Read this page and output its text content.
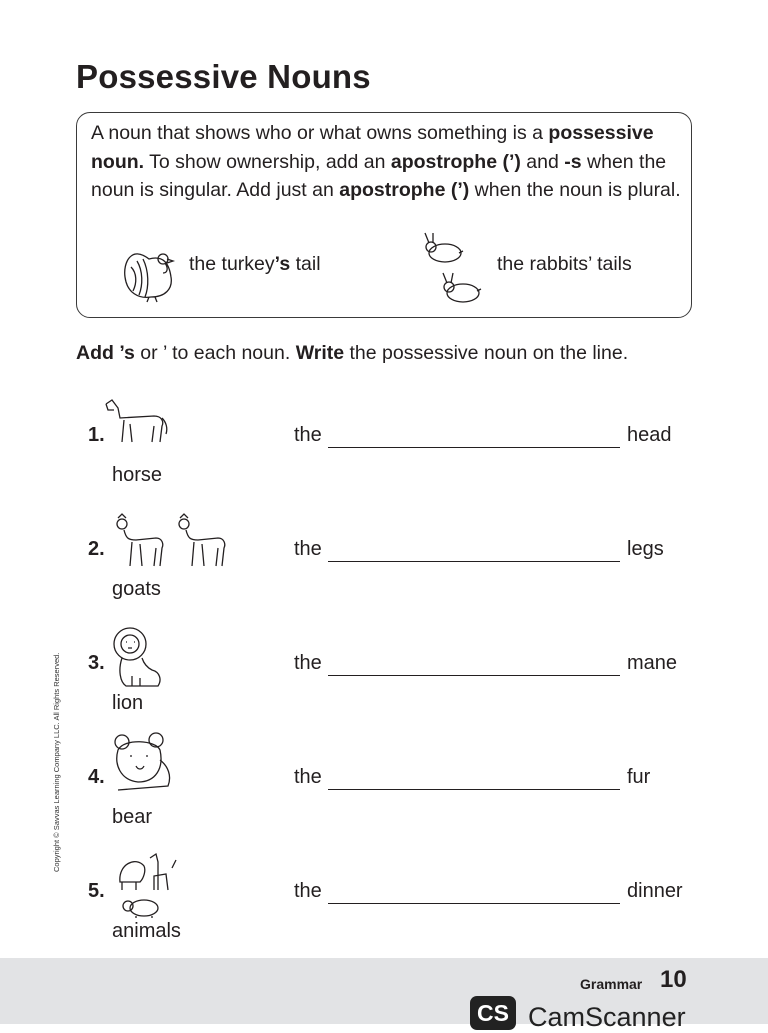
Possessive Nouns

A noun that shows who or what owns something is a possessive noun. To show ownership, add an apostrophe (’) and -s when the noun is singular. Add just an apostrophe (’) when the noun is plural.

the turkey’s tail	the rabbits’ tails

Add ’s or ’ to each noun. Write the possessive noun on the line.

1.
horse
the	head
2.
goats
the	legs
3.
lion
the	mane
4.
bear
the	fur
5.
animals
the	dinner
Copyright © Savvas Learning Company LLC. All Rights Reserved.
Grammar 10
CS CamScanner
